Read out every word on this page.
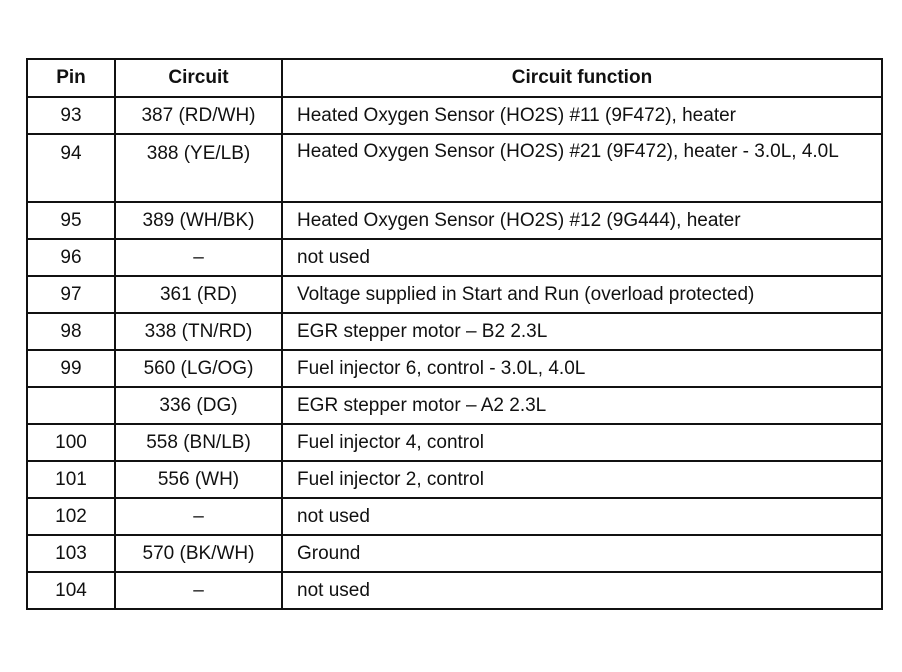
Pin	Circuit	Circuit function
93	387 (RD/WH)	Heated Oxygen Sensor (HO2S) #11 (9F472), heater
94	388 (YE/LB)	Heated Oxygen Sensor (HO2S) #21 (9F472), heater - 3.0L, 4.0L
95	389 (WH/BK)	Heated Oxygen Sensor (HO2S) #12 (9G444), heater
96	–	not used
97	361 (RD)	Voltage supplied in Start and Run (overload protected)
98	338 (TN/RD)	EGR stepper motor – B2 2.3L
99	560 (LG/OG)	Fuel injector 6, control - 3.0L, 4.0L
	336 (DG)	EGR stepper motor – A2 2.3L
100	558 (BN/LB)	Fuel injector 4, control
101	556 (WH)	Fuel injector 2, control
102	–	not used
103	570 (BK/WH)	Ground
104	–	not used
